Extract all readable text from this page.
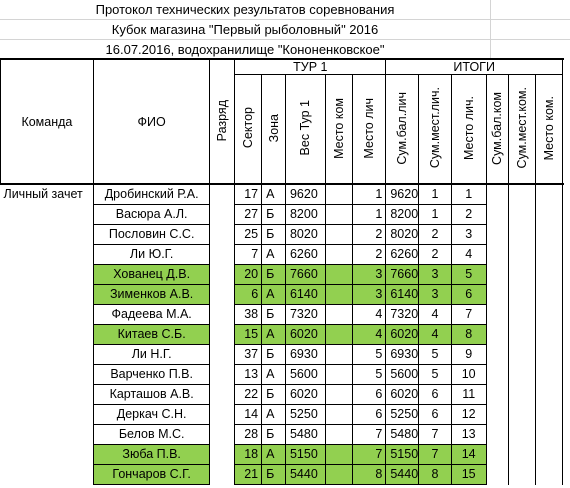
Протокол технических результатов соревнования
Кубок магазина "Первый рыболовный" 2016
16.07.2016, водохранилище "Кононенковское"
Команда	ФИО	Разряд	ТУР 1					ИТОГИ						
			Сектор	Зона	Вес Тур 1	Место ком	Место лич	Сум.бал.лич	Сум.мест.лич.	Место лич.	Сум.бал.ком	Сум.мест.ком.	Место ком.	
Личный зачет	Дробинский Р.А.		17	А	9620		1	9620	1	1				
	Васюра А.Л.		27	Б	8200		1	8200	1	2				
	Пословин С.С.		25	Б	8020		2	8020	2	3				
	Ли Ю.Г.		7	А	6260		2	6260	2	4				
	Хованец Д.В.		20	Б	7660		3	7660	3	5				
	Зименков А.В.		6	А	6140		3	6140	3	6				
	Фадеева М.А.		38	Б	7320		4	7320	4	7				
	Китаев С.Б.		15	А	6020		4	6020	4	8				
	Ли Н.Г.		37	Б	6930		5	6930	5	9				
	Варченко П.В.		13	А	5600		5	5600	5	10				
	Карташов А.В.		22	Б	6020		6	6020	6	11				
	Деркач С.Н.		14	А	5250		6	5250	6	12				
	Белов М.С.		28	Б	5480		7	5480	7	13				
	Зюба П.В.		18	А	5150		7	5150	7	14				
	Гончаров С.Г.		21	Б	5440		8	5440	8	15				
